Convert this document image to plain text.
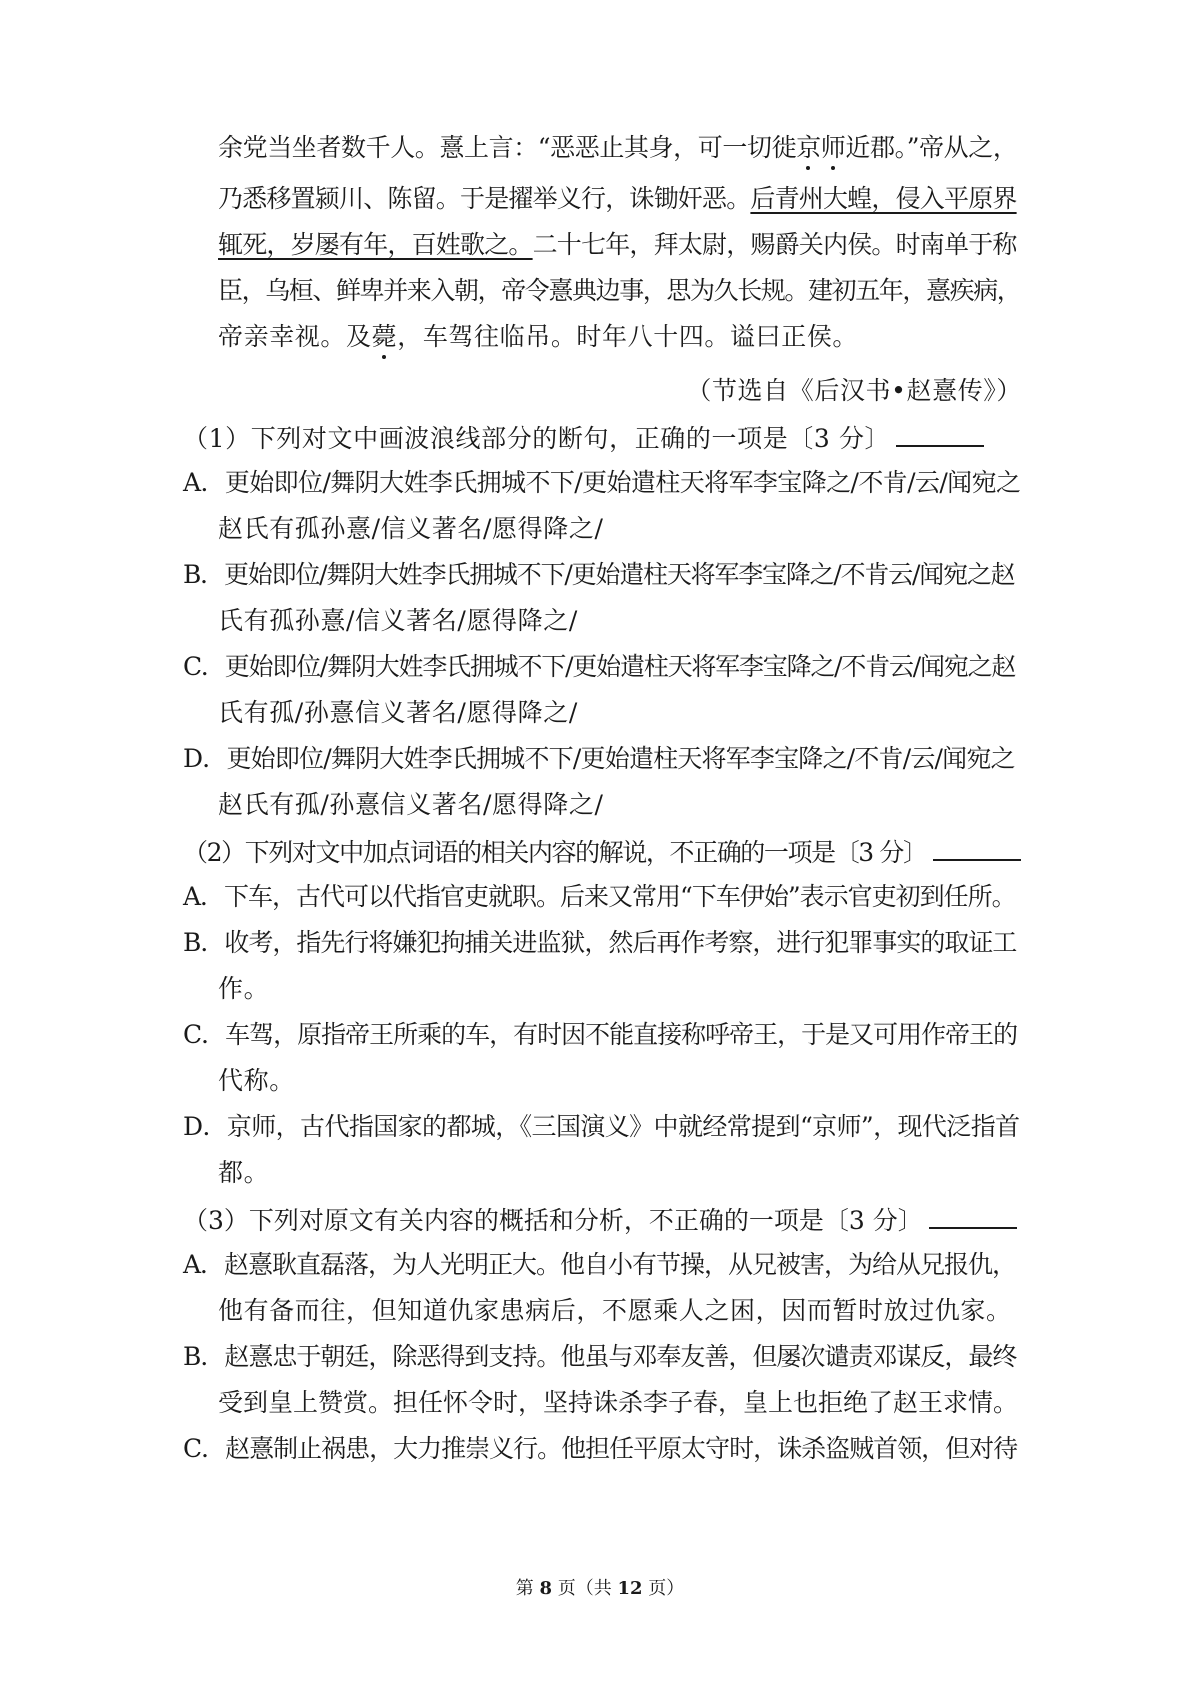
余党当坐者数千人。憙上言：“恶恶止其身，可一切徙京师近郡。”帝从之，
乃悉移置颍川、陈留。于是擢举义行，诛锄奸恶。后青州大蝗，侵入平原界
辄死，岁屡有年，百姓歌之。二十七年，拜太尉，赐爵关内侯。时南单于称
臣，乌桓、鲜卑并来入朝，帝令憙典边事，思为久长规。建初五年，憙疾病，
帝亲幸视。及薨，车驾往临吊。时年八十四。谥曰正侯。
（节选自《后汉书•赵憙传》）
（1）下列对文中画波浪线部分的断句，正确的一项是〔3 分〕
A．更始即位/舞阴大姓李氏拥城不下/更始遣柱天将军李宝降之/不肯/云/闻宛之
赵氏有孤孙憙/信义著名/愿得降之/
B．更始即位/舞阴大姓李氏拥城不下/更始遣柱天将军李宝降之/不肯云/闻宛之赵
氏有孤孙憙/信义著名/愿得降之/
C．更始即位/舞阴大姓李氏拥城不下/更始遣柱天将军李宝降之/不肯云/闻宛之赵
氏有孤/孙憙信义著名/愿得降之/
D．更始即位/舞阴大姓李氏拥城不下/更始遣柱天将军李宝降之/不肯/云/闻宛之
赵氏有孤/孙憙信义著名/愿得降之/
（2）下列对文中加点词语的相关内容的解说，不正确的一项是〔3 分〕
A．下车，古代可以代指官吏就职。后来又常用“下车伊始”表示官吏初到任所。
B．收考，指先行将嫌犯拘捕关进监狱，然后再作考察，进行犯罪事实的取证工
作。
C．车驾，原指帝王所乘的车，有时因不能直接称呼帝王，于是又可用作帝王的
代称。
D．京师，古代指国家的都城，《三国演义》中就经常提到“京师”，现代泛指首
都。
（3）下列对原文有关内容的概括和分析，不正确的一项是〔3 分〕
A．赵憙耿直磊落，为人光明正大。他自小有节操，从兄被害，为给从兄报仇，
他有备而往，但知道仇家患病后，不愿乘人之困，因而暂时放过仇家。
B．赵憙忠于朝廷，除恶得到支持。他虽与邓奉友善，但屡次谴责邓谋反，最终
受到皇上赞赏。担任怀令时，坚持诛杀李子春，皇上也拒绝了赵王求情。
C．赵憙制止祸患，大力推崇义行。他担任平原太守时，诛杀盗贼首领，但对待
第 8 页（共 12 页）
